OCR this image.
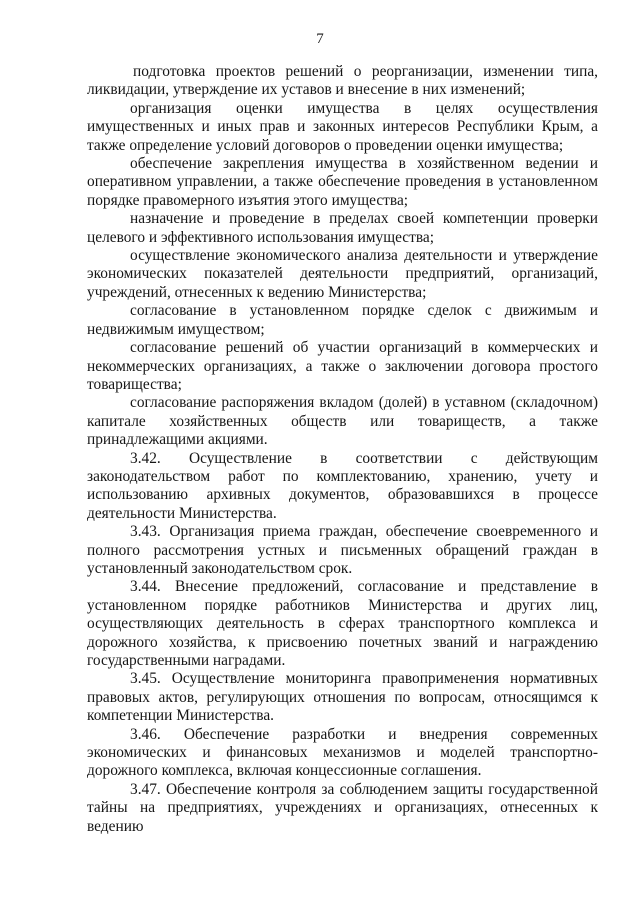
7

подготовка проектов решений о реорганизации, изменении типа, ликвидации, утверждение их уставов и внесение в них изменений;

организация оценки имущества в целях осуществления имущественных и иных прав и законных интересов Республики Крым, а также определение условий договоров о проведении оценки имущества;

обеспечение закрепления имущества в хозяйственном ведении и оперативном управлении, а также обеспечение проведения в установленном порядке правомерного изъятия этого имущества;

назначение и проведение в пределах своей компетенции проверки целевого и эффективного использования имущества;

осуществление экономического анализа деятельности и утверждение экономических показателей деятельности предприятий, организаций, учреждений, отнесенных к ведению Министерства;

согласование в установленном порядке сделок с движимым и недвижимым имуществом;

согласование решений об участии организаций в коммерческих и некоммерческих организациях, а также о заключении договора простого товарищества;

согласование распоряжения вкладом (долей) в уставном (складочном) капитале хозяйственных обществ или товариществ, а также принадлежащими акциями.

3.42. Осуществление в соответствии с действующим законодательством работ по комплектованию, хранению, учету и использованию архивных документов, образовавшихся в процессе деятельности Министерства.

3.43. Организация приема граждан, обеспечение своевременного и полного рассмотрения устных и письменных обращений граждан в установленный законодательством срок.

3.44. Внесение предложений, согласование и представление в установленном порядке работников Министерства и других лиц, осуществляющих деятельность в сферах транспортного комплекса и дорожного хозяйства, к присвоению почетных званий и награждению государственными наградами.

3.45. Осуществление мониторинга правоприменения нормативных правовых актов, регулирующих отношения по вопросам, относящимся к компетенции Министерства.

3.46. Обеспечение разработки и внедрения современных экономических и финансовых механизмов и моделей транспортно-дорожного комплекса, включая концессионные соглашения.

3.47. Обеспечение контроля за соблюдением защиты государственной тайны на предприятиях, учреждениях и организациях, отнесенных к ведению
